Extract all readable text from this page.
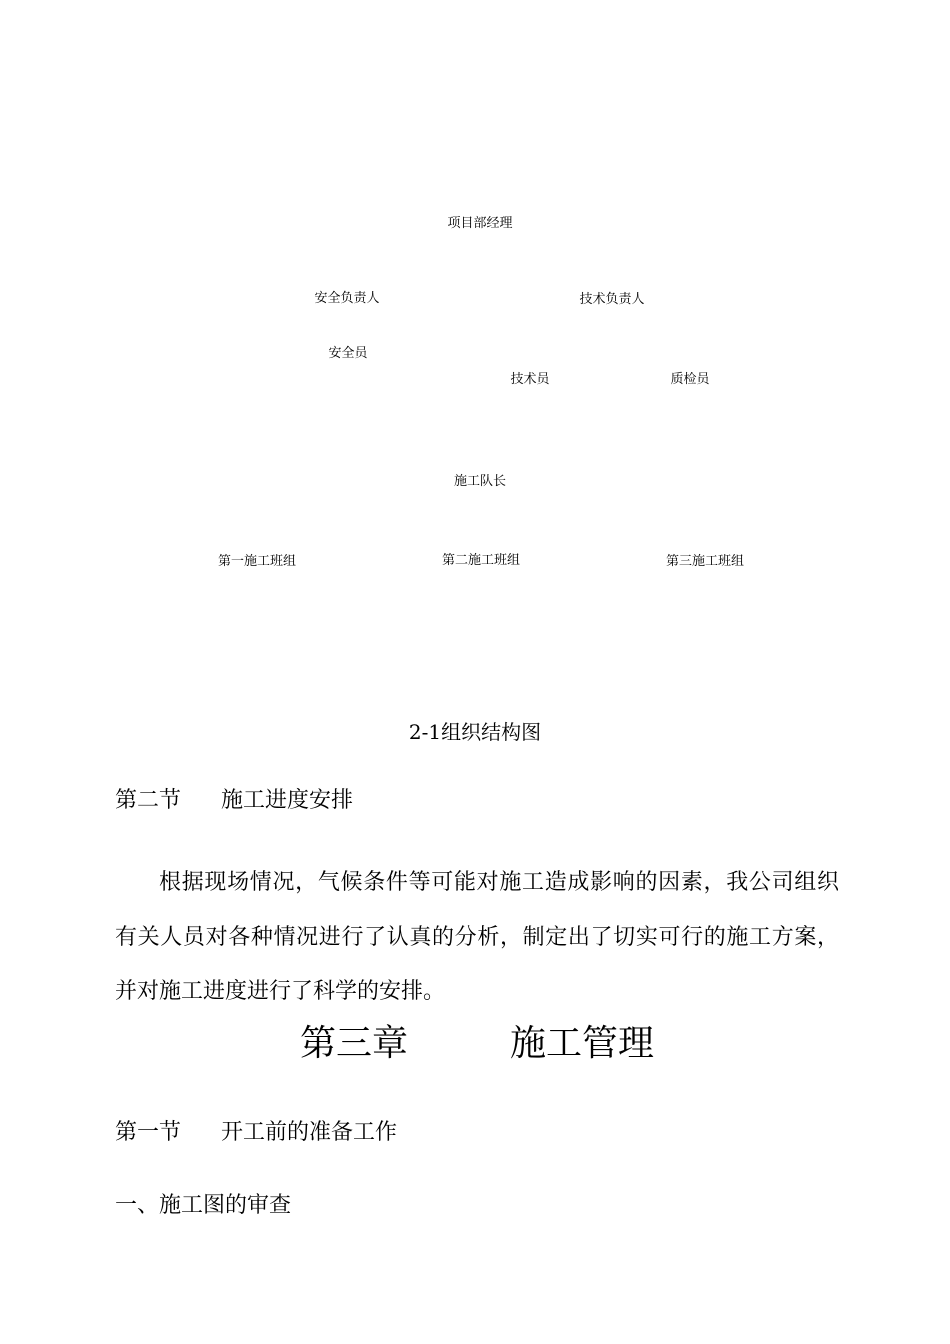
项目部经理
安全负责人	技术负责人
安全员
技术员	质检员
施工队长
第一施工班组	第二施工班组	第三施工班组
2-1组织结构图
第二节 施工进度安排
根据现场情况，气候条件等可能对施工造成影响的因素，我公司组织有关人员对各种情况进行了认真的分析，制定出了切实可行的施工方案，并对施工进度进行了科学的安排。
第三章	施工管理
第一节 开工前的准备工作
一、施工图的审查
